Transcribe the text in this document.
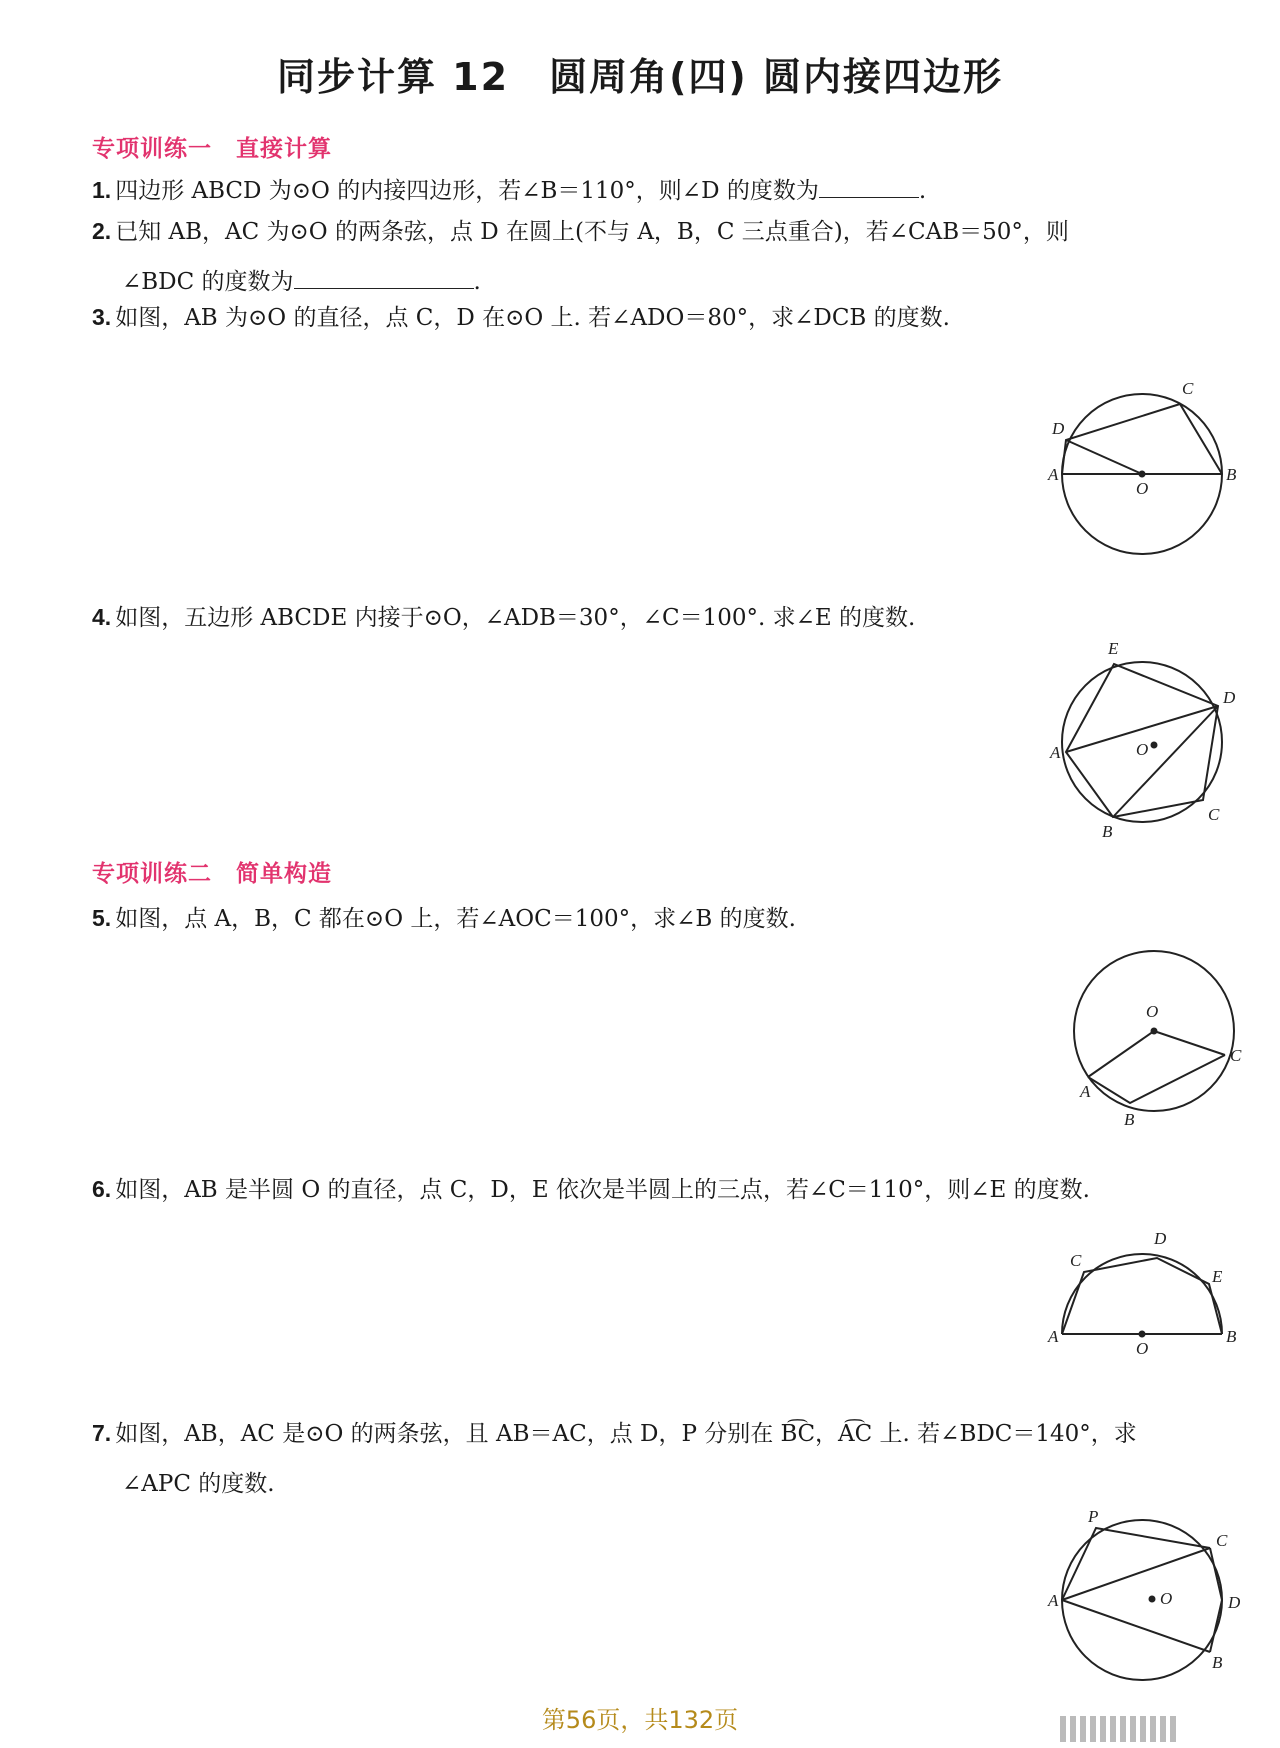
同步计算 12　圆周角(四) 圆内接四边形
专项训练一　直接计算

1. 四边形 ABCD 为⊙O 的内接四边形，若∠B＝110°，则∠D 的度数为	.

2. 已知 AB，AC 为⊙O 的两条弦，点 D 在圆上(不与 A，B，C 三点重合)，若∠CAB＝50°，则

∠BDC 的度数为	.

3. 如图，AB 为⊙O 的直径，点 C，D 在⊙O 上. 若∠ADO＝80°，求∠DCB 的度数.

A	B
C
D
O

4. 如图，五边形 ABCDE 内接于⊙O，∠ADB＝30°，∠C＝100°. 求∠E 的度数.

A
B
C
D
E
O
专项训练二　简单构造

5. 如图，点 A，B，C 都在⊙O 上，若∠AOC＝100°，求∠B 的度数.

A
B
C
O

6. 如图，AB 是半圆 O 的直径，点 C，D，E 依次是半圆上的三点，若∠C＝110°，则∠E 的度数.

A	B
C
D
E
O

7. 如图，AB，AC 是⊙O 的两条弦，且 AB＝AC，点 D，P 分别在 B͡C，A͡C 上. 若∠BDC＝140°，求

∠APC 的度数.

A
B
C
D
P
O
第56页，共132页
